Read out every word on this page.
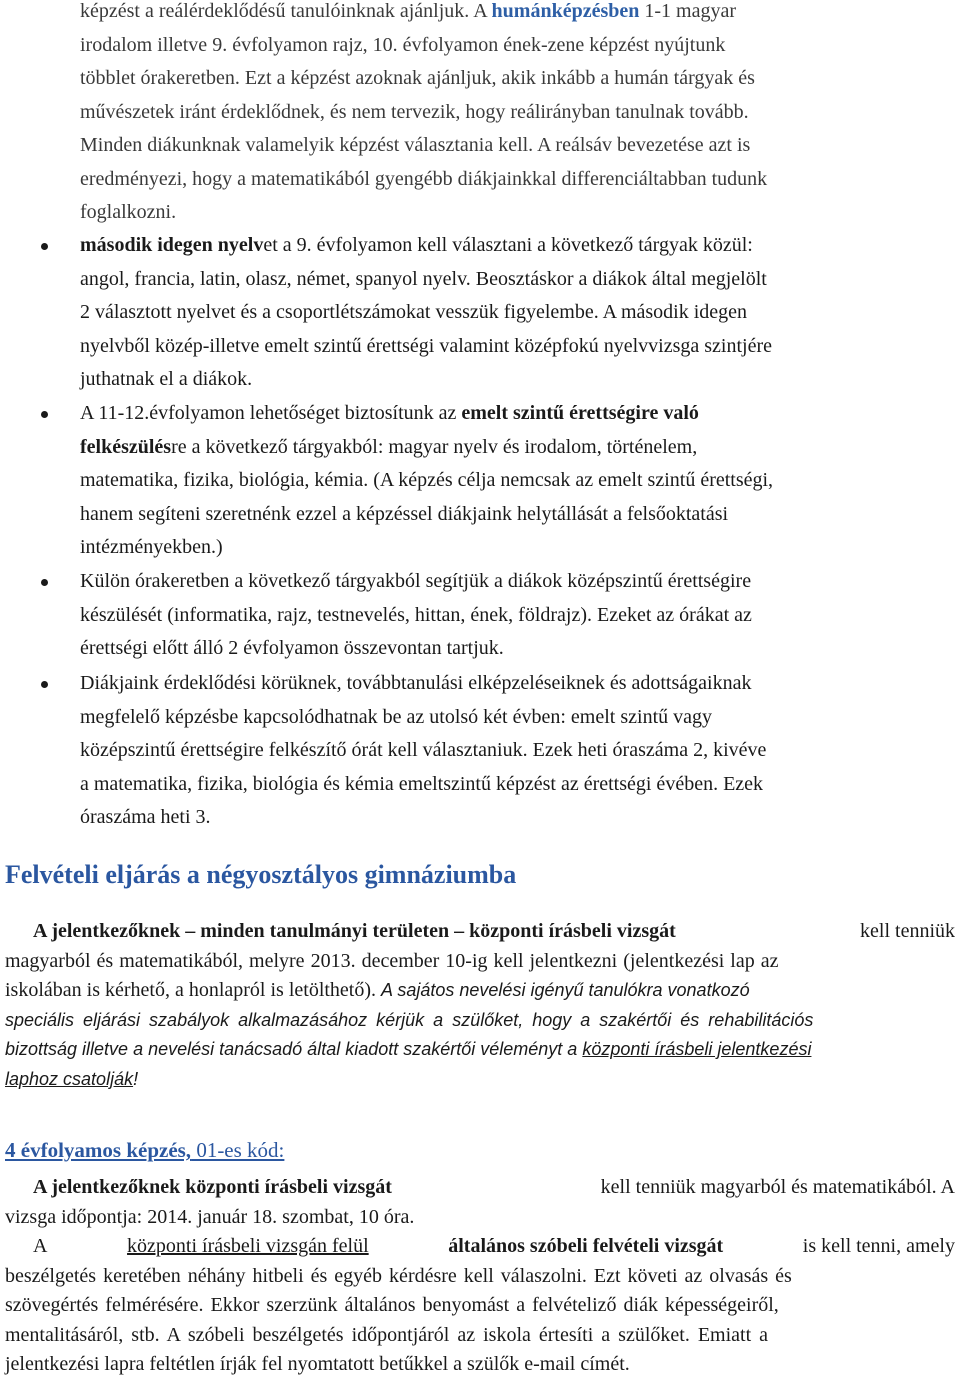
képzést a reálérdeklődésű tanulóinknak ajánljuk. A humánképzésben 1-1 magyar
irodalom illetve 9. évfolyamon rajz, 10. évfolyamon ének-zene képzést nyújtunk
többlet órakeretben. Ezt a képzést azoknak ajánljuk, akik inkább a humán tárgyak és
művészetek iránt érdeklődnek, és nem tervezik, hogy reálirányban tanulnak tovább.
Minden diákunknak valamelyik képzést választania kell. A reálsáv bevezetése azt is
eredményezi, hogy a matematikából gyengébb diákjainkkal differenciáltabban tudunk
foglalkozni.
második idegen nyelvet a 9. évfolyamon kell választani a következő tárgyak közül:
angol, francia, latin, olasz, német, spanyol nyelv. Beosztáskor a diákok által megjelölt
2 választott nyelvet és a csoportlétszámokat vesszük figyelembe. A második idegen
nyelvből közép-illetve emelt szintű érettségi valamint középfokú nyelvvizsga szintjére
juthatnak el a diákok.
A 11-12.évfolyamon lehetőséget biztosítunk az emelt szintű érettségire való
felkészülésre a következő tárgyakból: magyar nyelv és irodalom, történelem,
matematika, fizika, biológia, kémia. (A képzés célja nemcsak az emelt szintű érettségi,
hanem segíteni szeretnénk ezzel a képzéssel diákjaink helytállását a felsőoktatási
intézményekben.)
Külön órakeretben a következő tárgyakból segítjük a diákok középszintű érettségire
készülését (informatika, rajz, testnevelés, hittan, ének, földrajz). Ezeket az órákat az
érettségi előtt álló 2 évfolyamon összevontan tartjuk.
Diákjaink érdeklődési körüknek, továbbtanulási elképzeléseiknek és adottságaiknak
megfelelő képzésbe kapcsolódhatnak be az utolsó két évben: emelt szintű vagy
középszintű érettségire felkészítő órát kell választaniuk. Ezek heti óraszáma 2, kivéve
a matematika, fizika, biológia és kémia emeltszintű képzést az érettségi évében. Ezek
óraszáma heti 3.
Felvételi eljárás a négyosztályos gimnáziumba
A jelentkezőknek – minden tanulmányi területen – központi írásbeli vizsgát	kell tenniük
magyarból és matematikából, melyre 2013. december 10-ig kell jelentkezni (jelentkezési lap az
iskolában is kérhető, a honlapról is letölthető). A sajátos nevelési igényű tanulókra vonatkozó
speciális eljárási szabályok alkalmazásához kérjük a szülőket, hogy a szakértői és rehabilitációs
bizottság illetve a nevelési tanácsadó által kiadott szakértői véleményt a központi írásbeli jelentkezési
laphoz csatolják!
4 évfolyamos képzés, 01-es kód:
A jelentkezőknek központi írásbeli vizsgát	kell tenniük magyarból és matematikából. A
vizsga időpontja: 2014. január 18. szombat, 10 óra.
A	központi írásbeli vizsgán felül	általános szóbeli felvételi vizsgát	is kell tenni, amely
beszélgetés keretében néhány hitbeli és egyéb kérdésre kell válaszolni. Ezt követi az olvasás és
szövegértés felmérésére. Ekkor szerzünk általános benyomást a felvételiző diák képességeiről,
mentalitásáról, stb. A szóbeli beszélgetés időpontjáról az iskola értesíti a szülőket. Emiatt a
jelentkezési lapra feltétlen írják fel nyomtatott betűkkel a szülők e-mail címét.
